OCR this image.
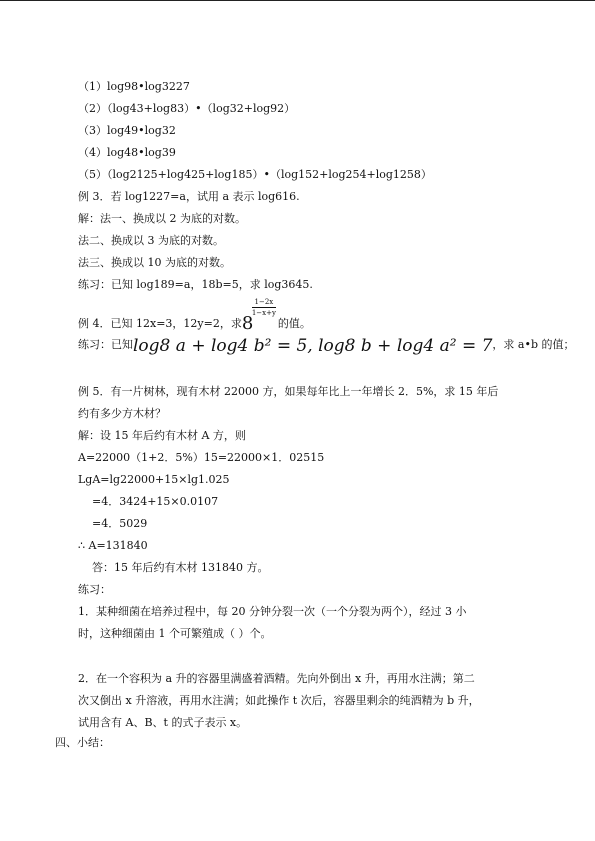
（1）log98•log3227
（2）（log43+log83）•（log32+log92）
（3）log49•log32
（4）log48•log39
（5）（log2125+log425+log185）•（log152+log254+log1258）
例 3．若 log1227=a，试用 a 表示 log616.
解：法一、换成以 2 为底的对数。
法二、换成以 3 为底的对数。
法三、换成以 10 为底的对数。
练习：已知 log189=a，18b=5，求 log3645.
例 4．已知 12x=3，12y=2，求 8
1−2x
1−x+y
的值。
练习：已知log8 a + log4 b² = 5, log8 b + log4 a² = 7，求 a•b 的值；
例 5．有一片树林，现有木材 22000 方，如果每年比上一年增长 2．5%，求 15 年后
约有多少方木材？
解：设 15 年后约有木材 A 方，则
A=22000（1+2．5%）15=22000×1．02515
LgA=lg22000+15×lg1.025
=4．3424+15×0.0107
=4．5029
∴ A=131840
答：15 年后约有木材 131840 方。
练习：
1．某种细菌在培养过程中，每 20 分钟分裂一次（一个分裂为两个），经过 3 小
时，这种细菌由 1 个可繁殖成（ ）个。
2．在一个容积为 a 升的容器里满盛着酒精。先向外倒出 x 升，再用水注满；第二
次又倒出 x 升溶液，再用水注满；如此操作 t 次后，容器里剩余的纯酒精为 b 升，
试用含有 A、B、t 的式子表示 x。
四、小结：
